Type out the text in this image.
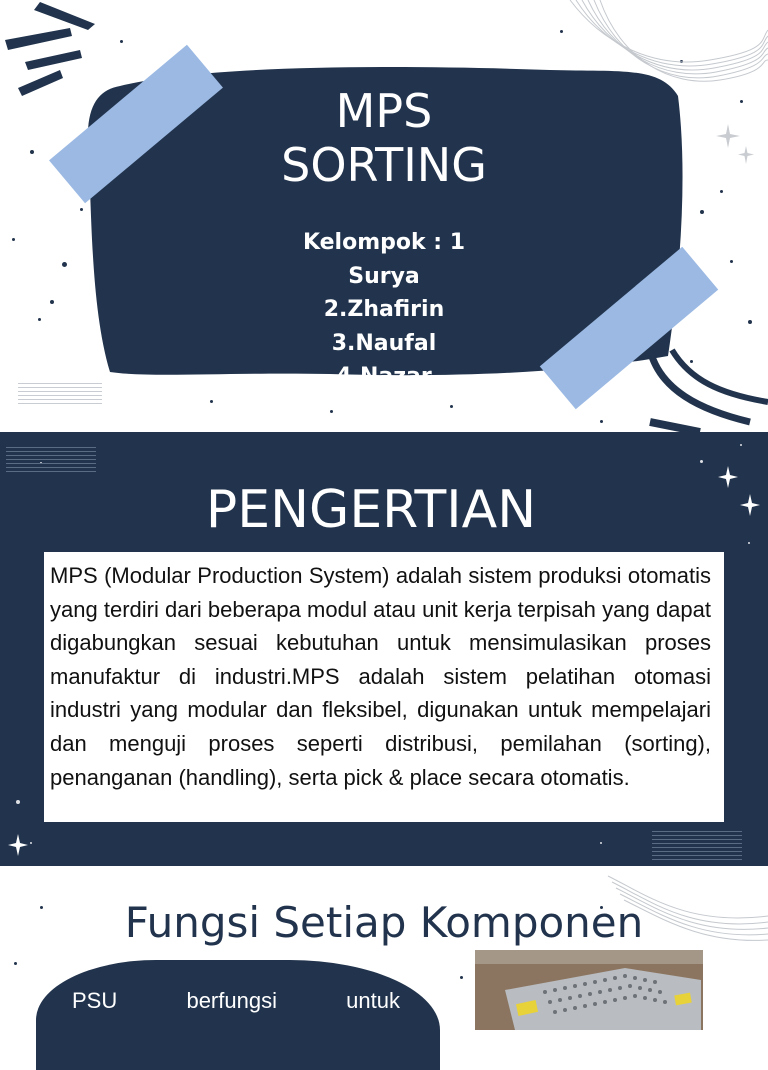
MPS
SORTING
Kelompok : 1
Surya
2.Zhafirin
3.Naufal
4.Nazar
PENGERTIAN

MPS (Modular Production System) adalah sistem produksi otomatis yang terdiri dari beberapa modul atau unit kerja terpisah yang dapat digabungkan sesuai kebutuhan untuk mensimulasikan proses manufaktur di industri.MPS adalah sistem pelatihan otomasi industri yang modular dan fleksibel, digunakan untuk mempelajari dan menguji proses seperti distribusi, pemilahan (sorting), penanganan (handling), serta pick & place secara otomatis.

Fungsi Setiap Komponen
PSU	berfungsi	untuk
